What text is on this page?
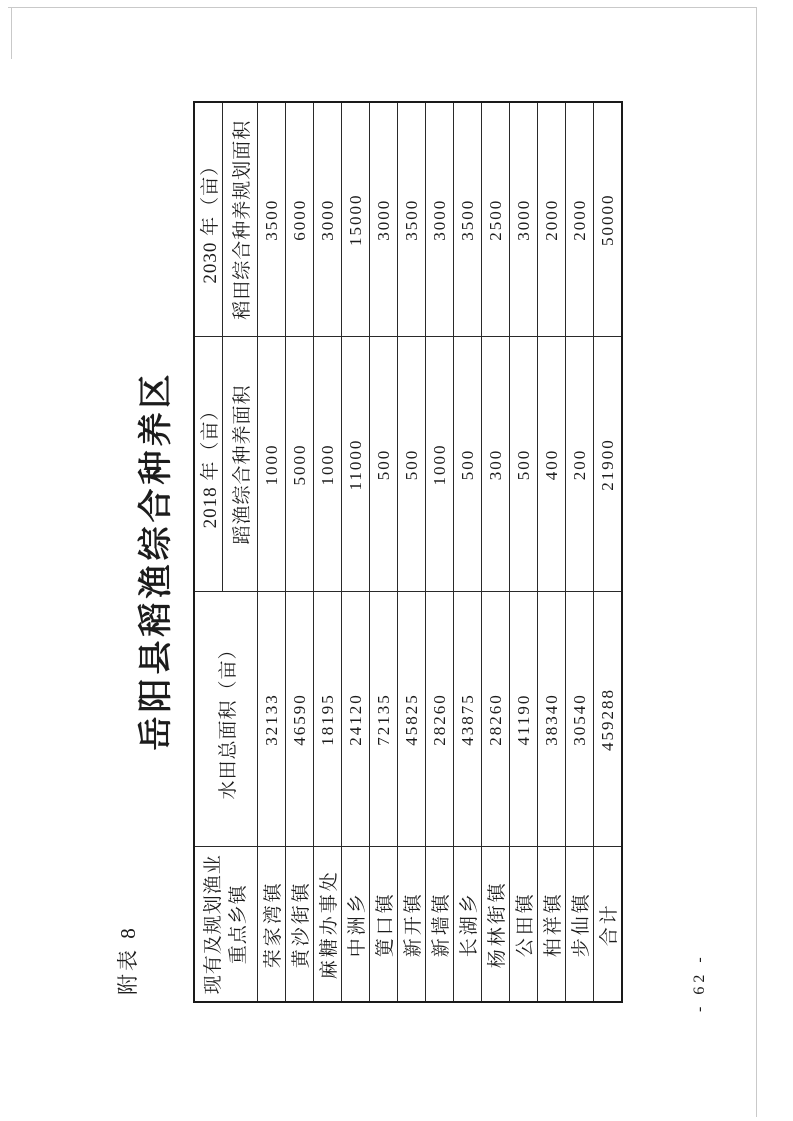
附表 8
岳阳县稻渔综合种养区
现有及规划渔业 重点乡镇	水田总面积（亩）	2018 年（亩）	2030 年（亩）
		蹈渔综合种养面积	稻田综合种养规划面积
荣家湾镇	32133	1000	3500
黄沙街镇	46590	5000	6000
麻糖办事处	18195	1000	3000
中洲乡	24120	11000	15000
筻口镇	72135	500	3000
新开镇	45825	500	3500
新墙镇	28260	1000	3000
长湖乡	43875	500	3500
杨林街镇	28260	300	2500
公田镇	41190	500	3000
柏祥镇	38340	400	2000
步仙镇	30540	200	2000
合计	459288	21900	50000
- 62 -
